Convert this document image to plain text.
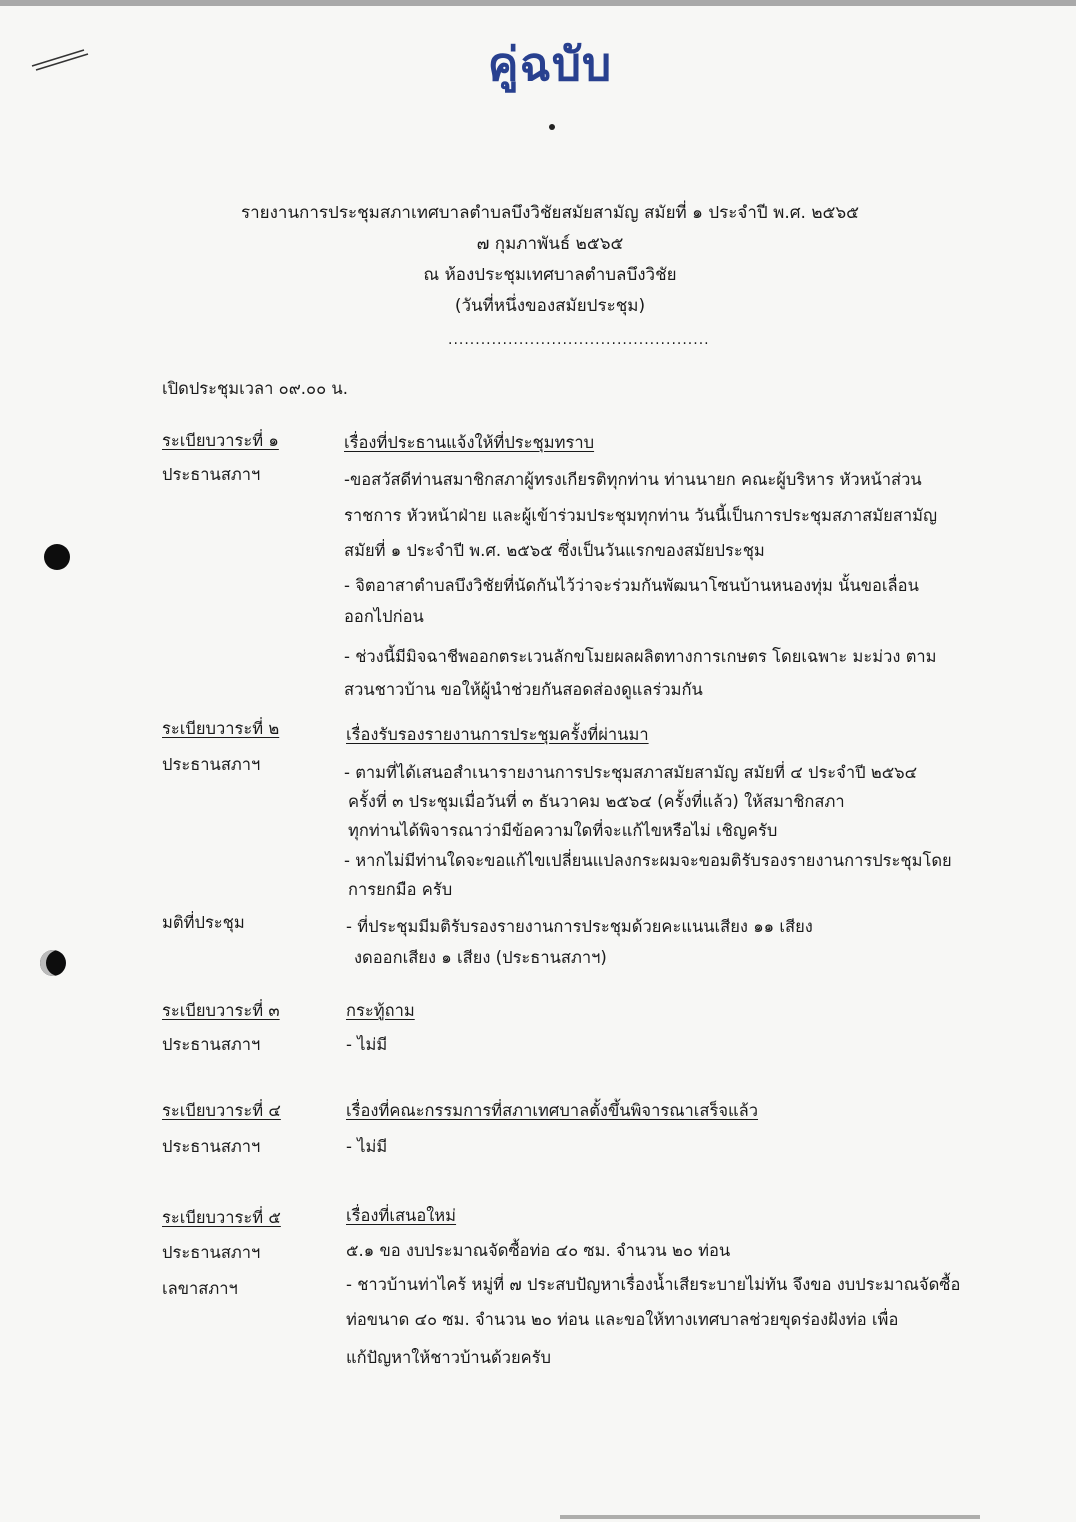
คู่ฉบับ
รายงานการประชุมสภาเทศบาลตำบลบึงวิชัยสมัยสามัญ สมัยที่ ๑ ประจำปี พ.ศ. ๒๕๖๕
๗ กุมภาพันธ์ ๒๕๖๕
ณ ห้องประชุมเทศบาลตำบลบึงวิชัย
(วันที่หนึ่งของสมัยประชุม)
................................................
เปิดประชุมเวลา ๐๙.๐๐ น.
ระเบียบวาระที่ ๑	เรื่องที่ประธานแจ้งให้ที่ประชุมทราบ
ประธานสภาฯ	-ขอสวัสดีท่านสมาชิกสภาผู้ทรงเกียรติทุกท่าน ท่านนายก คณะผู้บริหาร หัวหน้าส่วน
ราชการ หัวหน้าฝ่าย และผู้เข้าร่วมประชุมทุกท่าน วันนี้เป็นการประชุมสภาสมัยสามัญ
สมัยที่ ๑ ประจำปี พ.ศ. ๒๕๖๕ ซึ่งเป็นวันแรกของสมัยประชุม
- จิตอาสาตำบลบึงวิชัยที่นัดกันไว้ว่าจะร่วมกันพัฒนาโซนบ้านหนองทุ่ม นั้นขอเลื่อน
ออกไปก่อน
- ช่วงนี้มีมิจฉาชีพออกตระเวนลักขโมยผลผลิตทางการเกษตร โดยเฉพาะ มะม่วง ตาม
สวนชาวบ้าน ขอให้ผู้นำช่วยกันสอดส่องดูแลร่วมกัน
ระเบียบวาระที่ ๒	เรื่องรับรองรายงานการประชุมครั้งที่ผ่านมา
ประธานสภาฯ	- ตามที่ได้เสนอสำเนารายงานการประชุมสภาสมัยสามัญ สมัยที่ ๔ ประจำปี ๒๕๖๔
ครั้งที่ ๓ ประชุมเมื่อวันที่ ๓ ธันวาคม ๒๕๖๔ (ครั้งที่แล้ว) ให้สมาชิกสภา
ทุกท่านได้พิจารณาว่ามีข้อความใดที่จะแก้ไขหรือไม่ เชิญครับ
- หากไม่มีท่านใดจะขอแก้ไขเปลี่ยนแปลงกระผมจะขอมติรับรองรายงานการประชุมโดย
การยกมือ ครับ
มติที่ประชุม	- ที่ประชุมมีมติรับรองรายงานการประชุมด้วยคะแนนเสียง ๑๑ เสียง
งดออกเสียง ๑ เสียง (ประธานสภาฯ)
ระเบียบวาระที่ ๓	กระทู้ถาม
ประธานสภาฯ	- ไม่มี
ระเบียบวาระที่ ๔	เรื่องที่คณะกรรมการที่สภาเทศบาลตั้งขึ้นพิจารณาเสร็จแล้ว
ประธานสภาฯ	- ไม่มี
ระเบียบวาระที่ ๕	เรื่องที่เสนอใหม่
ประธานสภาฯ	๕.๑ ขอ งบประมาณจัดซื้อท่อ ๔๐ ซม. จำนวน ๒๐ ท่อน
เลขาสภาฯ	- ชาวบ้านท่าไคร้ หมู่ที่ ๗ ประสบปัญหาเรื่องน้ำเสียระบายไม่ทัน จึงขอ งบประมาณจัดซื้อ
ท่อขนาด ๔๐ ซม. จำนวน ๒๐ ท่อน และขอให้ทางเทศบาลช่วยขุดร่องฝังท่อ เพื่อ
แก้ปัญหาให้ชาวบ้านด้วยครับ
